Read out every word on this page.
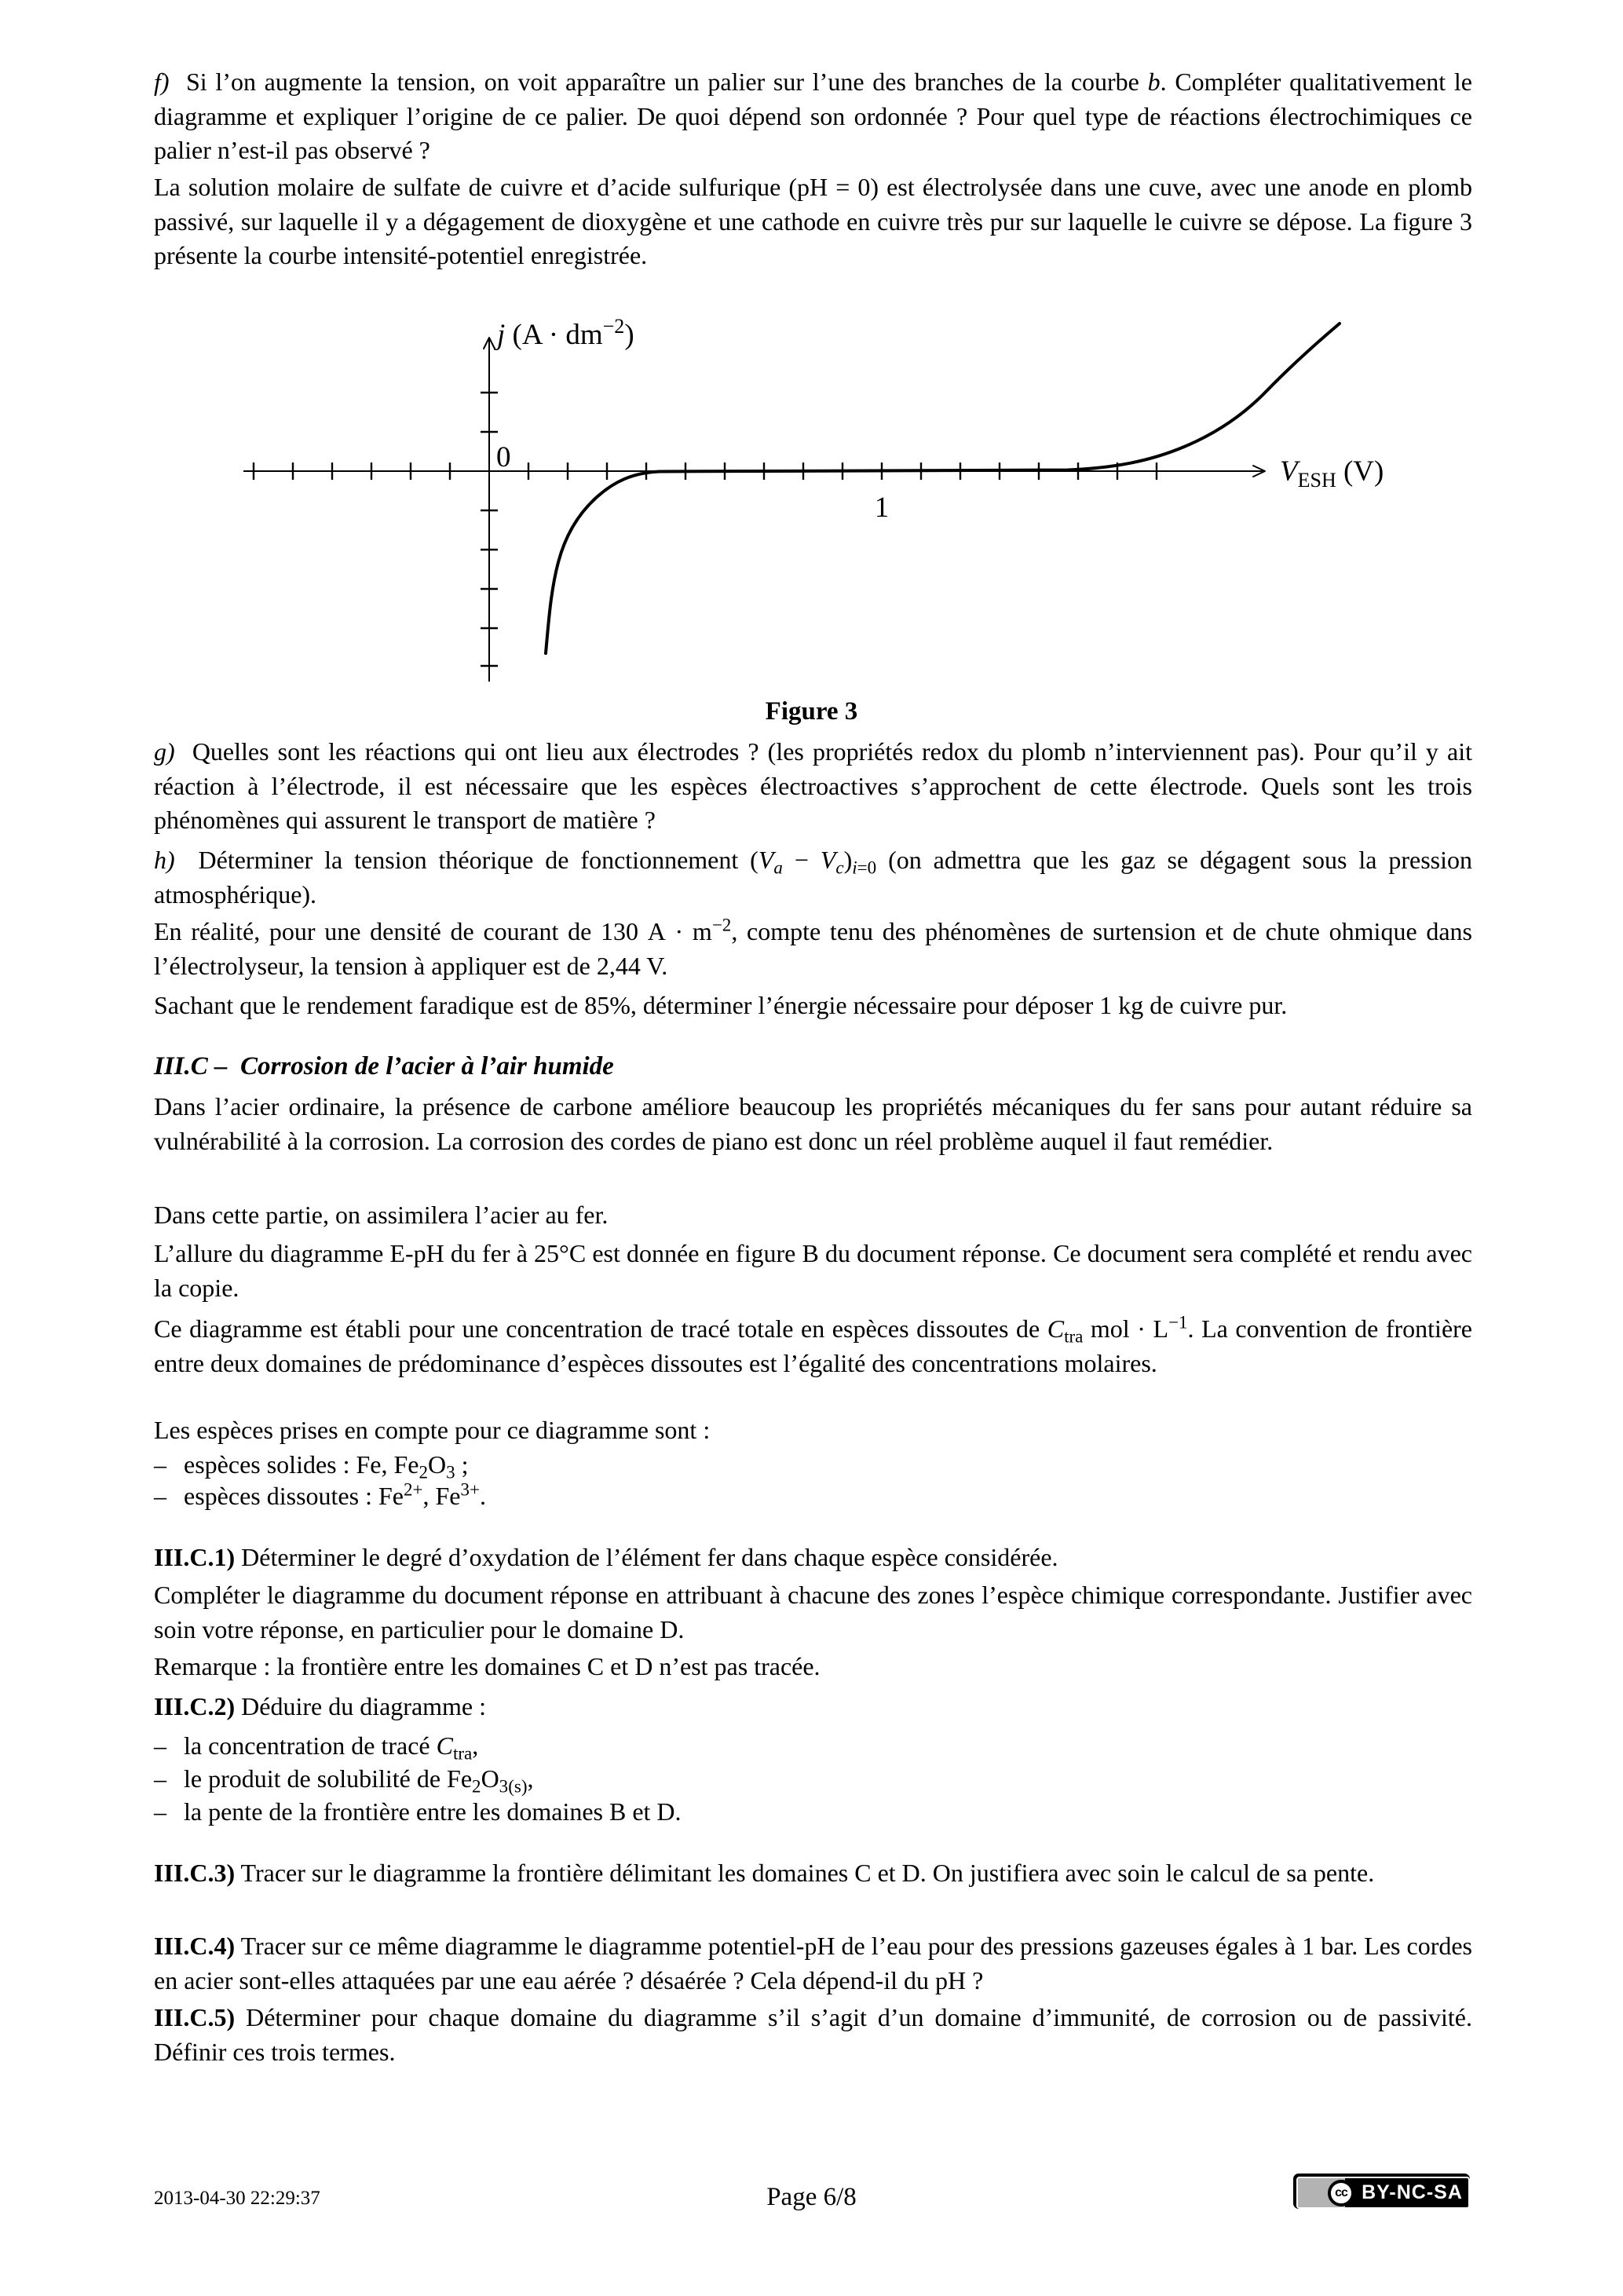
f)  Si l’on augmente la tension, on voit apparaître un palier sur l’une des branches de la courbe b. Compléter qualitativement le diagramme et expliquer l’origine de ce palier. De quoi dépend son ordonnée ? Pour quel type de réactions électrochimiques ce palier n’est-il pas observé ?
La solution molaire de sulfate de cuivre et d’acide sulfurique (pH = 0) est électrolysée dans une cuve, avec une anode en plomb passivé, sur laquelle il y a dégagement de dioxygène et une cathode en cuivre très pur sur laquelle le cuivre se dépose. La figure 3 présente la courbe intensité-potentiel enregistrée.
0
1
j $(A \cdot dm^{-2})$
$V_{ESH}$ (V)
Figure 3
g)  Quelles sont les réactions qui ont lieu aux électrodes ? (les propriétés redox du plomb n’interviennent pas). Pour qu’il y ait réaction à l’électrode, il est nécessaire que les espèces électroactives s’approchent de cette électrode. Quels sont les trois phénomènes qui assurent le transport de matière ?
h)  Déterminer la tension théorique de fonctionnement $(V_a - V_c)_{i=0}$ (on admettra que les gaz se dégagent sous la pression atmosphérique).
En réalité, pour une densité de courant de 130 $A \cdot m^{-2}$, compte tenu des phénomènes de surtension et de chute ohmique dans l’électrolyseur, la tension à appliquer est de 2,44 V.
Sachant que le rendement faradique est de 85%, déterminer l’énergie nécessaire pour déposer 1 kg de cuivre pur.
III.C –  Corrosion de l’acier à l’air humide
Dans l’acier ordinaire, la présence de carbone améliore beaucoup les propriétés mécaniques du fer sans pour autant réduire sa vulnérabilité à la corrosion. La corrosion des cordes de piano est donc un réel problème auquel il faut remédier.
Dans cette partie, on assimilera l’acier au fer.
L’allure du diagramme E-pH du fer à 25°C est donnée en figure B du document réponse. Ce document sera complété et rendu avec la copie.
Ce diagramme est établi pour une concentration de tracé totale en espèces dissoutes de $C_{tra}$ mol · $L^{-1}$. La convention de frontière entre deux domaines de prédominance d’espèces dissoutes est l’égalité des concentrations molaires.
Les espèces prises en compte pour ce diagramme sont :
– espèces solides : Fe, $Fe_2O_3$ ;
– espèces dissoutes : $Fe^{2+}$, $Fe^{3+}$.
III.C.1) Déterminer le degré d’oxydation de l’élément fer dans chaque espèce considérée.
Compléter le diagramme du document réponse en attribuant à chacune des zones l’espèce chimique correspondante. Justifier avec soin votre réponse, en particulier pour le domaine D.
Remarque : la frontière entre les domaines C et D n’est pas tracée.
III.C.2) Déduire du diagramme :
– la concentration de tracé $C_{tra}$,
– le produit de solubilité de $Fe_2O_{3(s)}$,
– la pente de la frontière entre les domaines B et D.
III.C.3) Tracer sur le diagramme la frontière délimitant les domaines C et D. On justifiera avec soin le calcul de sa pente.
III.C.4) Tracer sur ce même diagramme le diagramme potentiel-pH de l’eau pour des pressions gazeuses égales à 1 bar. Les cordes en acier sont-elles attaquées par une eau aérée ? désaérée ? Cela dépend-il du pH ?
III.C.5) Déterminer pour chaque domaine du diagramme s’il s’agit d’un domaine d’immunité, de corrosion ou de passivité. Définir ces trois termes.
2013-04-30 22:29:37	Page 6/8	cc BY-NC-SA
